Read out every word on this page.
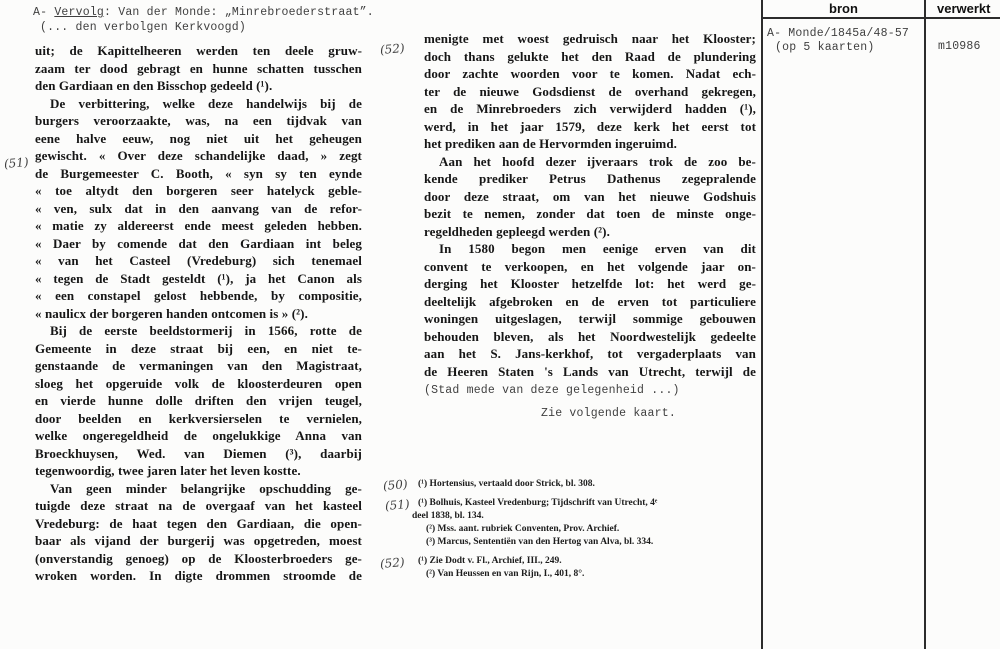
A- Vervolg: Van der Monde: „Minrebroederstraat”.
(... den verbolgen Kerkvoogd)
uit; de Kapittelheeren werden ten deele gruw-
zaam ter dood gebragt en hunne schatten tusschen
den Gardiaan en den Bisschop gedeeld (¹).
De verbittering, welke deze handelwijs bij de
burgers veroorzaakte, was, na een tijdvak van
eene halve eeuw, nog niet uit het geheugen
gewischt. « Over deze schandelijke daad, » zegt
de Burgemeester C. Booth, « syn sy ten eynde
« toe altydt den borgeren seer hatelyck geble-
« ven, sulx dat in den aanvang van de refor-
« matie zy aldereerst ende meest geleden hebben.
« Daer by comende dat den Gardiaan int beleg
« van het Casteel (Vredeburg) sich tenemael
« tegen de Stadt gesteldt (¹), ja het Canon als
« een constapel gelost hebbende, by compositie,
« naulicx der borgeren handen ontcomen is » (²).
Bij de eerste beeldstormerij in 1566, rotte de
Gemeente in deze straat bij een, en niet te-
genstaande de vermaningen van den Magistraat,
sloeg het opgeruide volk de kloosterdeuren open
en vierde hunne dolle driften den vrijen teugel,
door beelden en kerkversierselen te vernielen,
welke ongeregeldheid de ongelukkige Anna van
Broeckhuysen, Wed. van Diemen (³), daarbij
tegenwoordig, twee jaren later het leven kostte.
Van geen minder belangrijke opschudding ge-
tuigde deze straat na de overgaaf van het kasteel
Vredeburg: de haat tegen den Gardiaan, die open-
baar als vijand der burgerij was opgetreden, moest
(onverstandig genoeg) op de Kloosterbroeders ge-
wroken worden. In digte drommen stroomde de
menigte met woest gedruisch naar het Klooster;
doch thans gelukte het den Raad de plundering
door zachte woorden voor te komen. Nadat ech-
ter de nieuwe Godsdienst de overhand gekregen,
en de Minrebroeders zich verwijderd hadden (¹),
werd, in het jaar 1579, deze kerk het eerst tot
het prediken aan de Hervormden ingeruimd.
Aan het hoofd dezer ijveraars trok de zoo be-
kende prediker Petrus Dathenus zegepralende
door deze straat, om van het nieuwe Godshuis
bezit te nemen, zonder dat toen de minste onge-
regeldheden gepleegd werden (²).
In 1580 begon men eenige erven van dit
convent te verkoopen, en het volgende jaar on-
derging het Klooster hetzelfde lot: het werd ge-
deeltelijk afgebroken en de erven tot particuliere
woningen uitgeslagen, terwijl sommige gebouwen
behouden bleven, als het Noordwestelijk gedeelte
aan het S. Jans-kerkhof, tot vergaderplaats van
de Heeren Staten 's Lands van Utrecht, terwijl de
(Stad mede van deze gelegenheid ...)
Zie volgende kaart.
(51)
(52)
(50)
(51)
(52)
(¹) Hortensius, vertaald door Strick, bl. 308.
(¹) Bolhuis, Kasteel Vredenburg; Tijdschrift van Utrecht, 4ᵉ
deel 1838, bl. 134.
(²) Mss. aant. rubriek Conventen, Prov. Archief.
(³) Marcus, Sententiën van den Hertog van Alva, bl. 334.
(¹) Zie Dodt v. Fl., Archief, III., 249.
(²) Van Heussen en van Rijn, I., 401, 8°.
bron	verwerkt
A- Monde/1845a/48-57
(op 5 kaarten)	m10986
